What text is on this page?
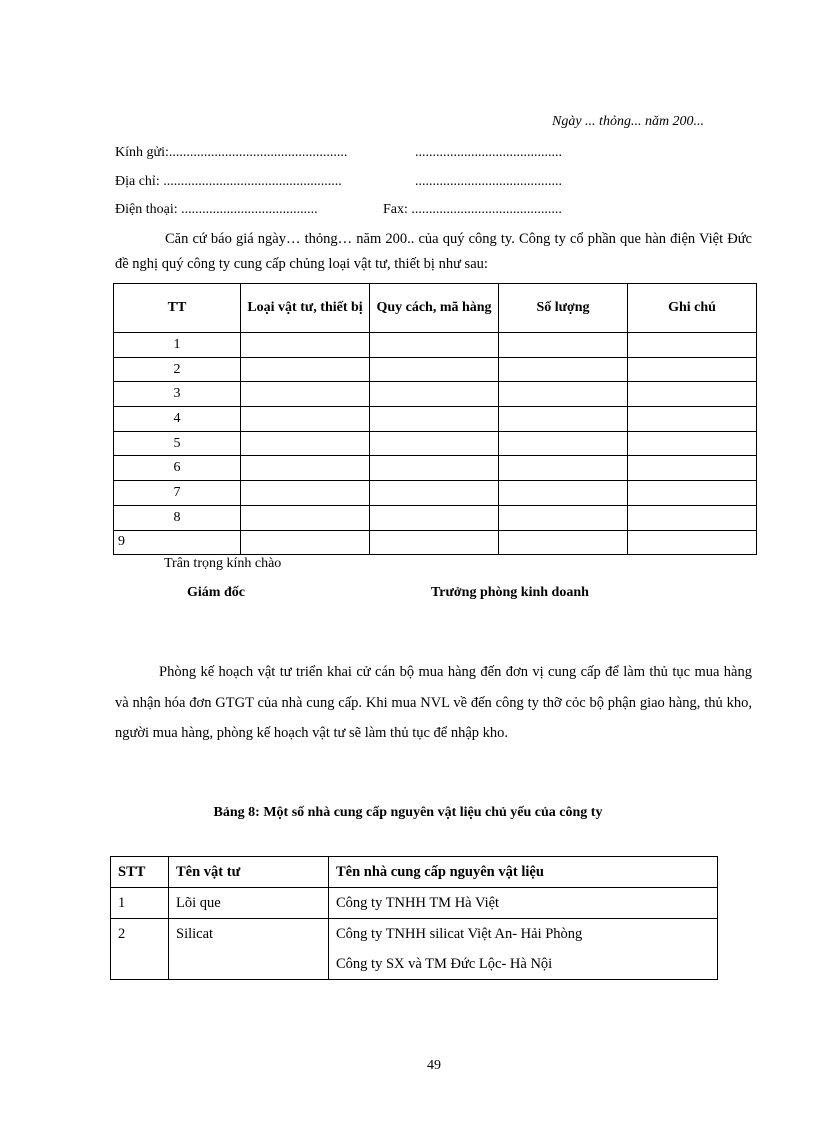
Ngày ... thỏng... năm 200...
Kính gửi:...................................................	..........................................
Địa chỉ: ...................................................	..........................................
Điện thoại: .......................................	Fax: ...........................................
Căn cứ báo giá ngày… thỏng… năm 200.. của quý công ty. Công ty cổ phần que hàn điện Việt Đức đề nghị quý công ty cung cấp chủng loại vật tư, thiết bị như sau:
TT	Loại vật tư, thiết bị	Quy cách, mã hàng	Số lượng	Ghi chú
1				
2				
3				
4				
5				
6				
7				
8				
9				
Trân trọng kính chào
Giám đốc	Trưởng phòng kinh doanh
Phòng kế hoạch vật tư triển khai cử cán bộ mua hàng đến đơn vị cung cấp để làm thủ tục mua hàng và nhận hóa đơn GTGT của nhà cung cấp. Khi mua NVL về đến công ty thỡ cỏc bộ phận giao hàng, thủ kho, người mua hàng, phòng kế hoạch vật tư sẽ làm thủ tục để nhập kho.
Bảng 8: Một số nhà cung cấp nguyên vật liệu chủ yếu của công ty
STT	Tên vật tư	Tên nhà cung cấp nguyên vật liệu
1	Lõi que	Công ty TNHH TM Hà Việt
2	Silicat	Công ty TNHH silicat Việt An- Hải Phòng
Công ty SX và TM Đức Lộc- Hà Nội
49
